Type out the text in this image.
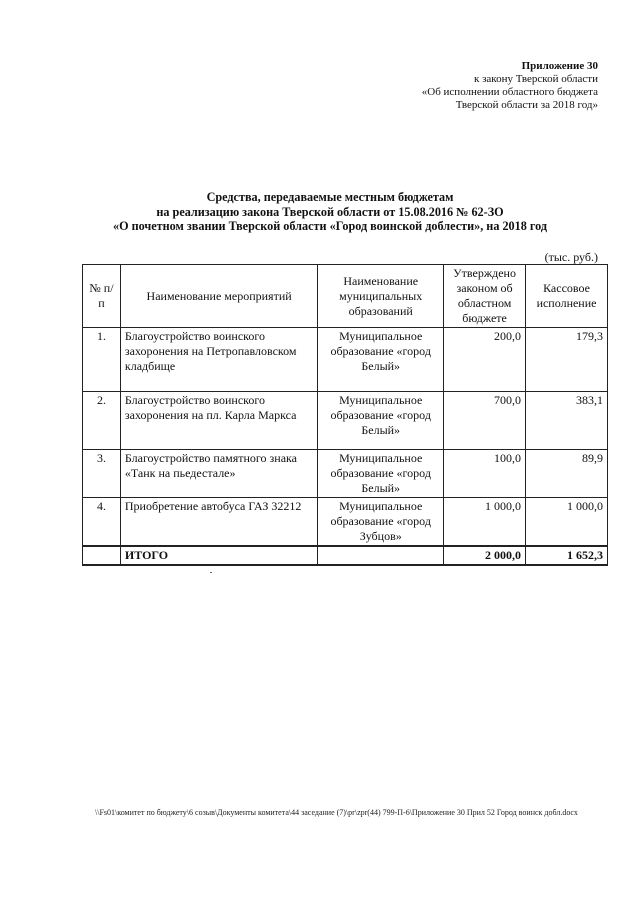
Приложение 30
к закону Тверской области
«Об исполнении областного бюджета
Тверской области за 2018 год»
Средства, передаваемые местным бюджетам
на реализацию закона Тверской области от 15.08.2016 № 62-ЗО
«О почетном звании Тверской области «Город воинской доблести», на 2018 год
(тыс. руб.)
№ п/п	Наименование мероприятий	Наименование муниципальных образований	Утверждено законом об областном бюджете	Кассовое исполнение
1.	Благоустройство воинского захоронения на Петропавловском кладбище	Муниципальное образование «город Белый»	200,0	179,3
2.	Благоустройство воинского захоронения на пл. Карла Маркса	Муниципальное образование «город Белый»	700,0	383,1
3.	Благоустройство памятного знака «Танк на пьедестале»	Муниципальное образование «город Белый»	100,0	89,9
4.	Приобретение автобуса ГАЗ 32212	Муниципальное образование «город Зубцов»	1 000,0	1 000,0
	ИТОГО		2 000,0	1 652,3
\\Fs01\комитет по бюджету\6 созыв\Документы комитета\44 заседание (7)\pr\zpr(44) 799-П-6\Приложение 30 Прил 52 Город воинск добл.docx
